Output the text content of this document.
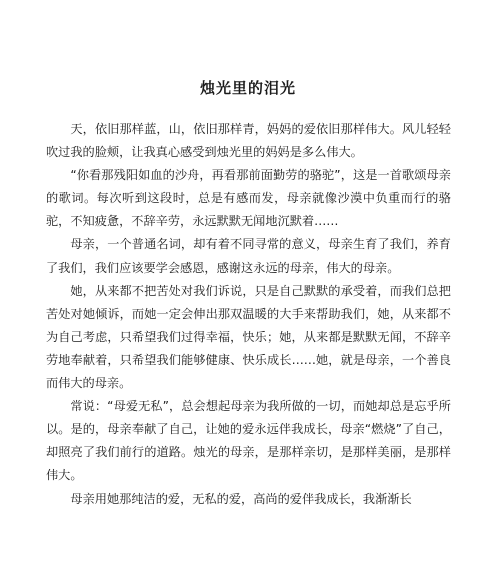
烛光里的泪光

天，依旧那样蓝，山，依旧那样青，妈妈的爱依旧那样伟大。风儿轻轻吹过我的脸颊，让我真心感受到烛光里的妈妈是多么伟大。

“你看那残阳如血的沙舟，再看那前面勤劳的骆驼”，这是一首歌颂母亲的歌词。每次听到这段时，总是有感而发，母亲就像沙漠中负重而行的骆驼，不知疲惫，不辞辛劳，永远默默无闻地沉默着……

母亲，一个普通名词，却有着不同寻常的意义，母亲生育了我们，养育了我们，我们应该要学会感恩，感谢这永远的母亲，伟大的母亲。

她，从来都不把苦处对我们诉说，只是自己默默的承受着，而我们总把苦处对她倾诉，而她一定会伸出那双温暖的大手来帮助我们，她，从来都不为自己考虑，只希望我们过得幸福，快乐；她，从来都是默默无闻，不辞辛劳地奉献着，只希望我们能够健康、快乐成长……她，就是母亲，一个善良而伟大的母亲。

常说：“母爱无私”，总会想起母亲为我所做的一切，而她却总是忘乎所以。是的，母亲奉献了自己，让她的爱永远伴我成长，母亲“燃烧”了自己，却照亮了我们前行的道路。烛光的母亲，是那样亲切，是那样美丽，是那样伟大。

母亲用她那纯洁的爱，无私的爱，高尚的爱伴我成长，我渐渐长
